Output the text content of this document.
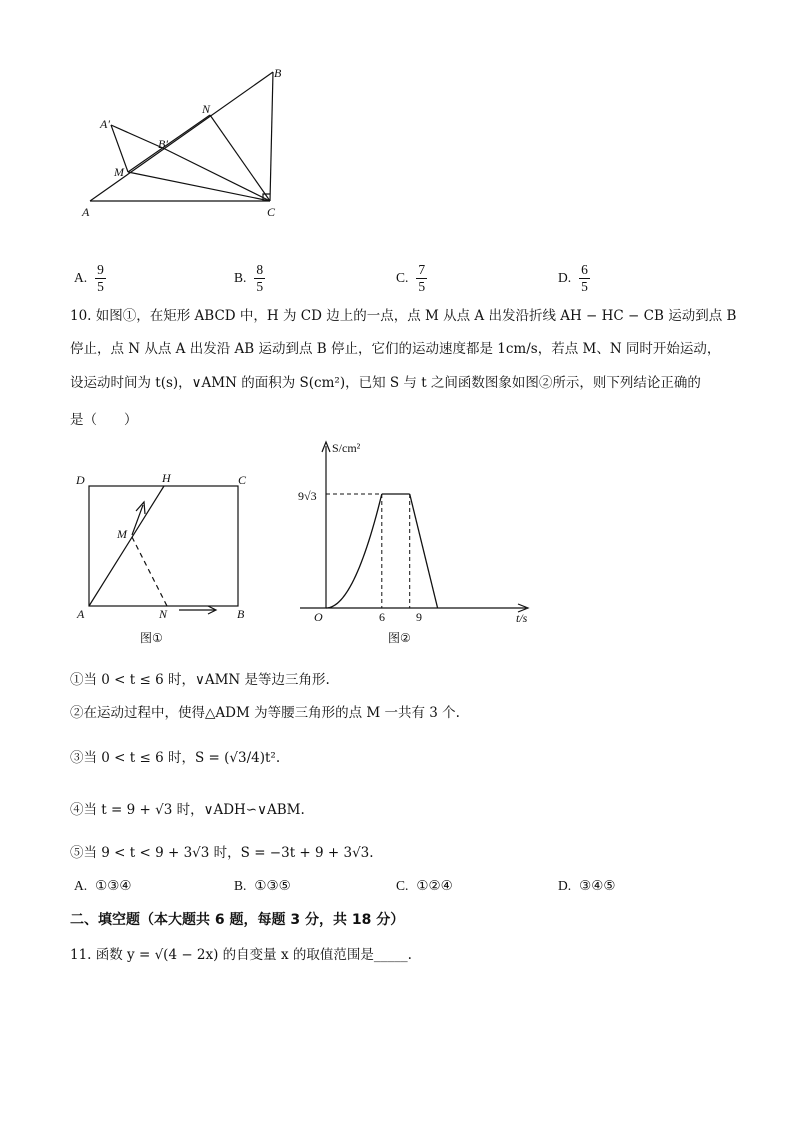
B
N
A′
B′
M
A	C
A. $\frac{9}{5}$	B. $\frac{8}{5}$	C. $\frac{7}{5}$	D. $\frac{6}{5}$
10. 如图①，在矩形 ABCD 中，H 为 CD 边上的一点，点 M 从点 A 出发沿折线 AH − HC − CB 运动到点 B
停止，点 N 从点 A 出发沿 AB 运动到点 B 停止，它们的运动速度都是 1cm/s，若点 M、N 同时开始运动，
设运动时间为 t(s)，∨AMN 的面积为 S(cm²)，已知 S 与 t 之间函数图象如图②所示，则下列结论正确的
是（　　）
D	H	C
M
A	N	B
图①
S/cm²
t/s
O	6	9
9√3
图②
①当 0 < t ≤ 6 时，∨AMN 是等边三角形.
②在运动过程中，使得△ADM 为等腰三角形的点 M 一共有 3 个.
③当 0 < t ≤ 6 时，S = (√3/4)t².
④当 t = 9 + √3 时，∨ADH∽∨ABM.
⑤当 9 < t < 9 + 3√3 时，S = −3t + 9 + 3√3.
A. ①③④	B. ①③⑤	C. ①②④	D. ③④⑤
二、填空题（本大题共 6 题，每题 3 分，共 18 分）
11. 函数 y = √(4 − 2x) 的自变量 x 的取值范围是_____.
